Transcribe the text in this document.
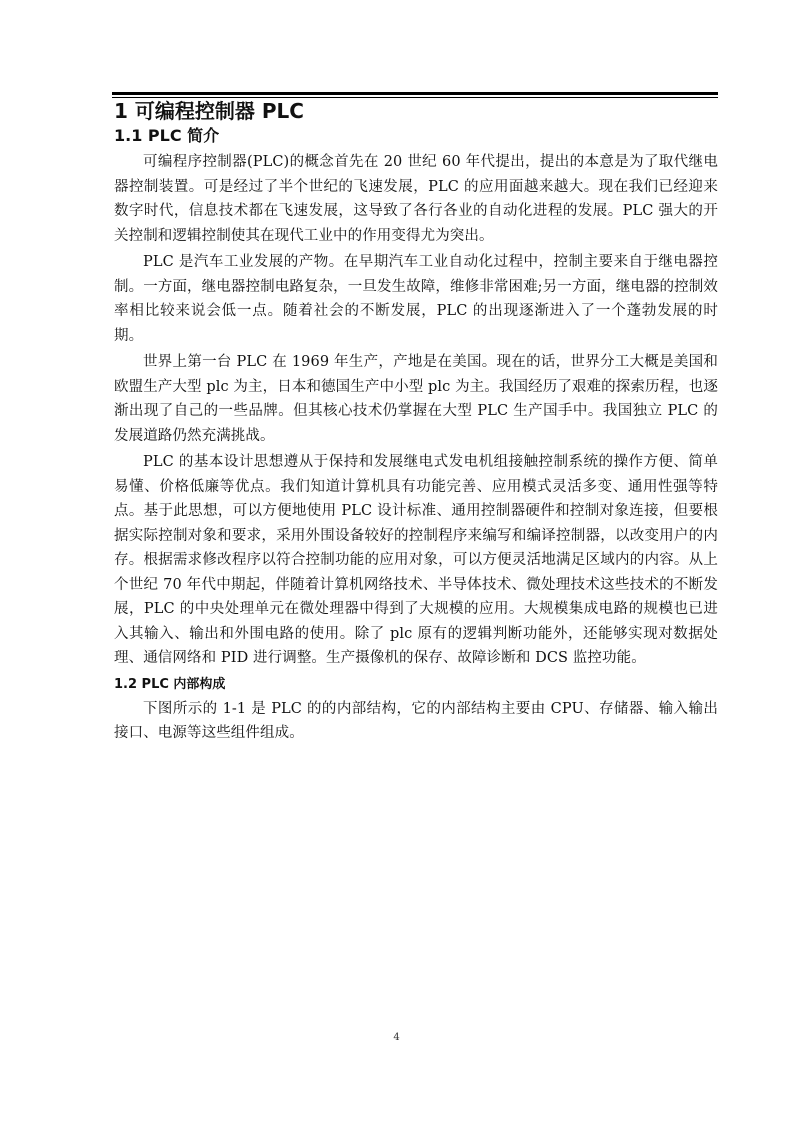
1 可编程控制器 PLC
1.1 PLC 简介

可编程序控制器(PLC)的概念首先在 20 世纪 60 年代提出，提出的本意是为了取代继电器控制装置。可是经过了半个世纪的飞速发展，PLC 的应用面越来越大。现在我们已经迎来数字时代，信息技术都在飞速发展，这导致了各行各业的自动化进程的发展。PLC 强大的开关控制和逻辑控制使其在现代工业中的作用变得尤为突出。

PLC 是汽车工业发展的产物。在早期汽车工业自动化过程中，控制主要来自于继电器控制。一方面，继电器控制电路复杂，一旦发生故障，维修非常困难;另一方面，继电器的控制效率相比较来说会低一点。随着社会的不断发展，PLC 的出现逐渐进入了一个蓬勃发展的时期。

世界上第一台 PLC 在 1969 年生产，产地是在美国。现在的话，世界分工大概是美国和欧盟生产大型 plc 为主，日本和德国生产中小型 plc 为主。我国经历了艰难的探索历程，也逐渐出现了自己的一些品牌。但其核心技术仍掌握在大型 PLC 生产国手中。我国独立 PLC 的发展道路仍然充满挑战。

PLC 的基本设计思想遵从于保持和发展继电式发电机组接触控制系统的操作方便、简单易懂、价格低廉等优点。我们知道计算机具有功能完善、应用模式灵活多变、通用性强等特点。基于此思想，可以方便地使用 PLC 设计标准、通用控制器硬件和控制对象连接，但要根据实际控制对象和要求，采用外围设备较好的控制程序来编写和编译控制器，以改变用户的内存。根据需求修改程序以符合控制功能的应用对象，可以方便灵活地满足区域内的内容。从上个世纪 70 年代中期起，伴随着计算机网络技术、半导体技术、微处理技术这些技术的不断发展，PLC 的中央处理单元在微处理器中得到了大规模的应用。大规模集成电路的规模也已进入其输入、输出和外围电路的使用。除了 plc 原有的逻辑判断功能外，还能够实现对数据处理、通信网络和 PID 进行调整。生产摄像机的保存、故障诊断和 DCS 监控功能。

1.2 PLC 内部构成

下图所示的 1-1 是 PLC 的的内部结构，它的内部结构主要由 CPU、存储器、输入输出接口、电源等这些组件组成。

4
